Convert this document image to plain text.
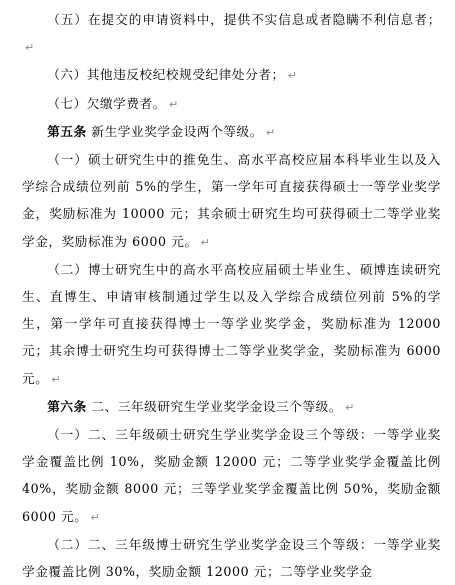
（五）在提交的申请资料中，提供不实信息或者隐瞒不利信息者；↵

（六）其他违反校纪校规受纪律处分者； ↵

（七）欠缴学费者。 ↵

第五条 新生学业奖学金设两个等级。 ↵

（一）硕士研究生中的推免生、高水平高校应届本科毕业生以及入学综合成绩位列前 5%的学生，第一学年可直接获得硕士一等学业奖学金，奖励标准为 10000 元；其余硕士研究生均可获得硕士二等学业奖学金，奖励标准为 6000 元。 ↵

（二）博士研究生中的高水平高校应届硕士毕业生、硕博连读研究生、直博生、申请审核制通过学生以及入学综合成绩位列前 5%的学生，第一学年可直接获得博士一等学业奖学金，奖励标准为 12000 元；其余博士研究生均可获得博士二等学业奖学金，奖励标准为 6000 元。 ↵

第六条 二、三年级研究生学业奖学金设三个等级。 ↵

（一）二、三年级硕士研究生学业奖学金设三个等级：一等学业奖学金覆盖比例 10%，奖励金额 12000 元；二等学业奖学金覆盖比例 40%，奖励金额 8000 元；三等学业奖学金覆盖比例 50%，奖励金额 6000 元。 ↵

（二）二、三年级博士研究生学业奖学金设三个等级：一等学业奖学金覆盖比例 30%，奖励金额 12000 元；二等学业奖学金
